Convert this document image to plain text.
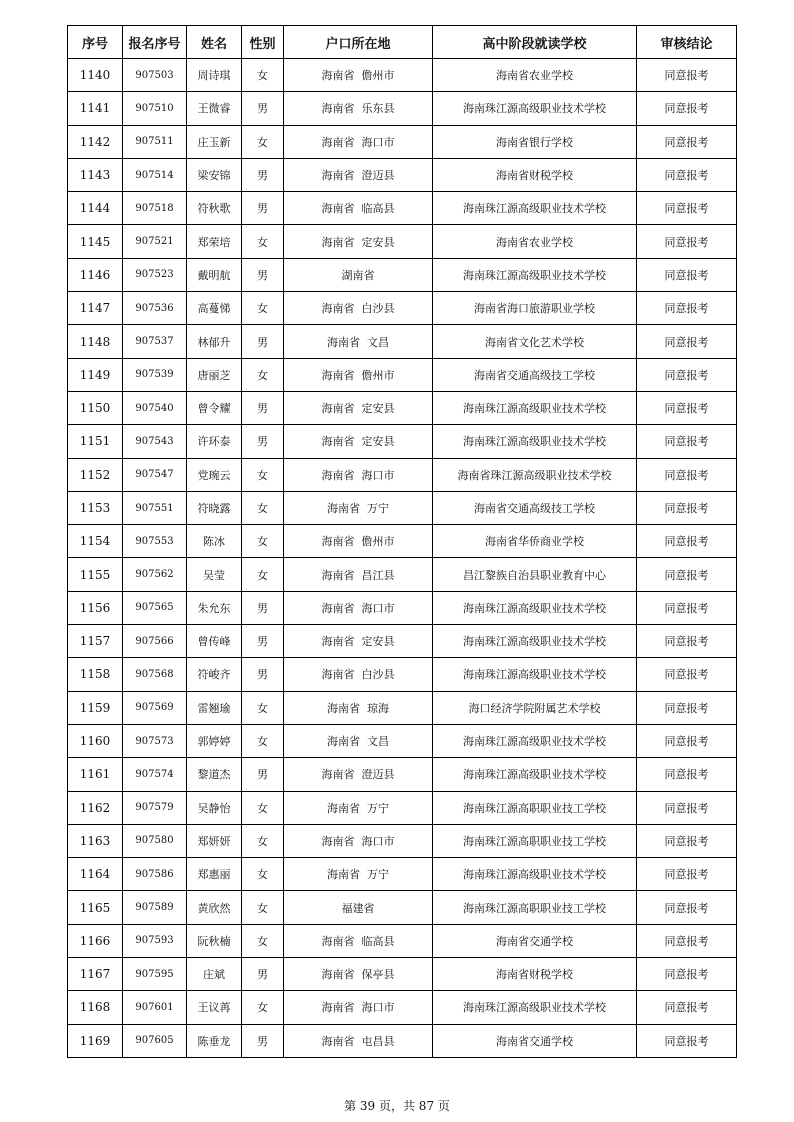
序号	报名序号	姓名	性别	户口所在地	高中阶段就读学校	审核结论
1140	907503	周诗琪	女	海南省  儋州市	海南省农业学校	同意报考
1141	907510	王微睿	男	海南省  乐东县	海南珠江源高级职业技术学校	同意报考
1142	907511	庄玉新	女	海南省  海口市	海南省银行学校	同意报考
1143	907514	梁安锦	男	海南省  澄迈县	海南省财税学校	同意报考
1144	907518	符秋歌	男	海南省  临高县	海南珠江源高级职业技术学校	同意报考
1145	907521	郑荣培	女	海南省  定安县	海南省农业学校	同意报考
1146	907523	戴明航	男	湖南省	海南珠江源高级职业技术学校	同意报考
1147	907536	高蔓悌	女	海南省  白沙县	海南省海口旅游职业学校	同意报考
1148	907537	林郁升	男	海南省  文昌	海南省文化艺术学校	同意报考
1149	907539	唐丽芝	女	海南省  儋州市	海南省交通高级技工学校	同意报考
1150	907540	曾令耀	男	海南省  定安县	海南珠江源高级职业技术学校	同意报考
1151	907543	许环泰	男	海南省  定安县	海南珠江源高级职业技术学校	同意报考
1152	907547	党琬云	女	海南省  海口市	海南省珠江源高级职业技术学校	同意报考
1153	907551	符晓露	女	海南省  万宁	海南省交通高级技工学校	同意报考
1154	907553	陈冰	女	海南省  儋州市	海南省华侨商业学校	同意报考
1155	907562	吴莹	女	海南省  昌江县	昌江黎族自治县职业教育中心	同意报考
1156	907565	朱允东	男	海南省  海口市	海南珠江源高级职业技术学校	同意报考
1157	907566	曾传峰	男	海南省  定安县	海南珠江源高级职业技术学校	同意报考
1158	907568	符峻齐	男	海南省  白沙县	海南珠江源高级职业技术学校	同意报考
1159	907569	雷翘瑜	女	海南省  琼海	海口经济学院附属艺术学校	同意报考
1160	907573	郭婷婷	女	海南省  文昌	海南珠江源高级职业技术学校	同意报考
1161	907574	黎道杰	男	海南省  澄迈县	海南珠江源高级职业技术学校	同意报考
1162	907579	吴静怡	女	海南省  万宁	海南珠江源高职职业技工学校	同意报考
1163	907580	郑妍妍	女	海南省  海口市	海南珠江源高职职业技工学校	同意报考
1164	907586	郑惠丽	女	海南省  万宁	海南珠江源高级职业技术学校	同意报考
1165	907589	黄欣然	女	福建省	海南珠江源高职职业技工学校	同意报考
1166	907593	阮秋楠	女	海南省  临高县	海南省交通学校	同意报考
1167	907595	庄斌	男	海南省  保亭县	海南省财税学校	同意报考
1168	907601	王议苒	女	海南省  海口市	海南珠江源高级职业技术学校	同意报考
1169	907605	陈垂龙	男	海南省  屯昌县	海南省交通学校	同意报考
第 39 页，共 87 页
